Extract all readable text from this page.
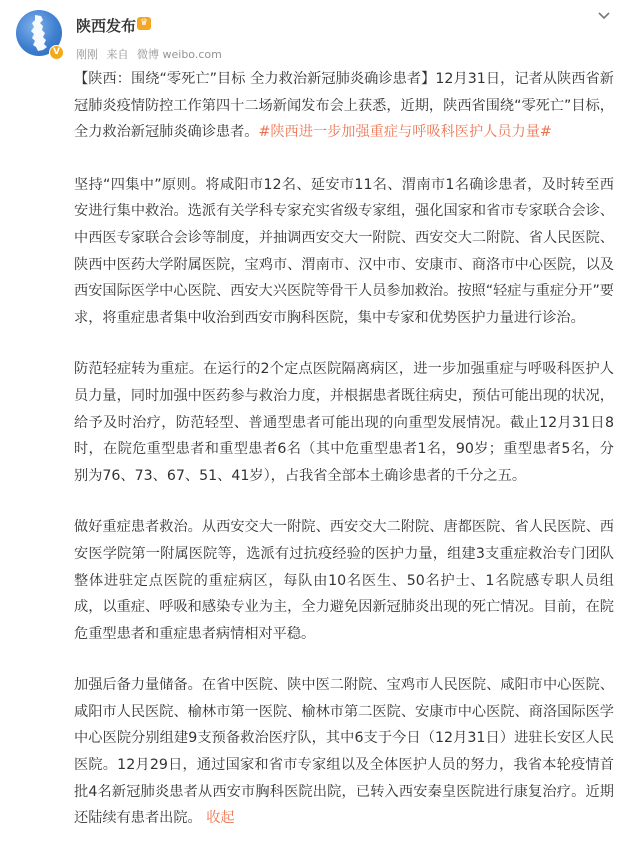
V
陕西发布 ♛
刚刚 来自 微博 weibo.com

【陕西：围绕“零死亡”目标 全力救治新冠肺炎确诊患者】12月31日，记者从陕西省新冠肺炎疫情防控工作第四十二场新闻发布会上获悉，近期，陕西省围绕“零死亡”目标，全力救治新冠肺炎确诊患者。#陕西进一步加强重症与呼吸科医护人员力量#

坚持“四集中”原则。将咸阳市12名、延安市11名、渭南市1名确诊患者，及时转至西安进行集中救治。选派有关学科专家充实省级专家组，强化国家和省市专家联合会诊、中西医专家联合会诊等制度，并抽调西安交大一附院、西安交大二附院、省人民医院、陕西中医药大学附属医院，宝鸡市、渭南市、汉中市、安康市、商洛市中心医院，以及西安国际医学中心医院、西安大兴医院等骨干人员参加救治。按照“轻症与重症分开”要求，将重症患者集中收治到西安市胸科医院，集中专家和优势医护力量进行诊治。

防范轻症转为重症。在运行的2个定点医院隔离病区，进一步加强重症与呼吸科医护人员力量，同时加强中医药参与救治力度，并根据患者既往病史，预估可能出现的状况，给予及时治疗，防范轻型、普通型患者可能出现的向重型发展情况。截止12月31日8时，在院危重型患者和重型患者6名（其中危重型患者1名，90岁；重型患者5名，分别为76、73、67、51、41岁），占我省全部本土确诊患者的千分之五。

做好重症患者救治。从西安交大一附院、西安交大二附院、唐都医院、省人民医院、西安医学院第一附属医院等，选派有过抗疫经验的医护力量，组建3支重症救治专门团队整体进驻定点医院的重症病区，每队由10名医生、50名护士、1名院感专职人员组成，以重症、呼吸和感染专业为主，全力避免因新冠肺炎出现的死亡情况。目前，在院危重型患者和重症患者病情相对平稳。

加强后备力量储备。在省中医院、陕中医二附院、宝鸡市人民医院、咸阳市中心医院、咸阳市人民医院、榆林市第一医院、榆林市第二医院、安康市中心医院、商洛国际医学中心医院分别组建9支预备救治医疗队，其中6支于今日（12月31日）进驻长安区人民医院。12月29日，通过国家和省市专家组以及全体医护人员的努力，我省本轮疫情首批4名新冠肺炎患者从西安市胸科医院出院，已转入西安秦皇医院进行康复治疗。近期还陆续有患者出院。 收起
